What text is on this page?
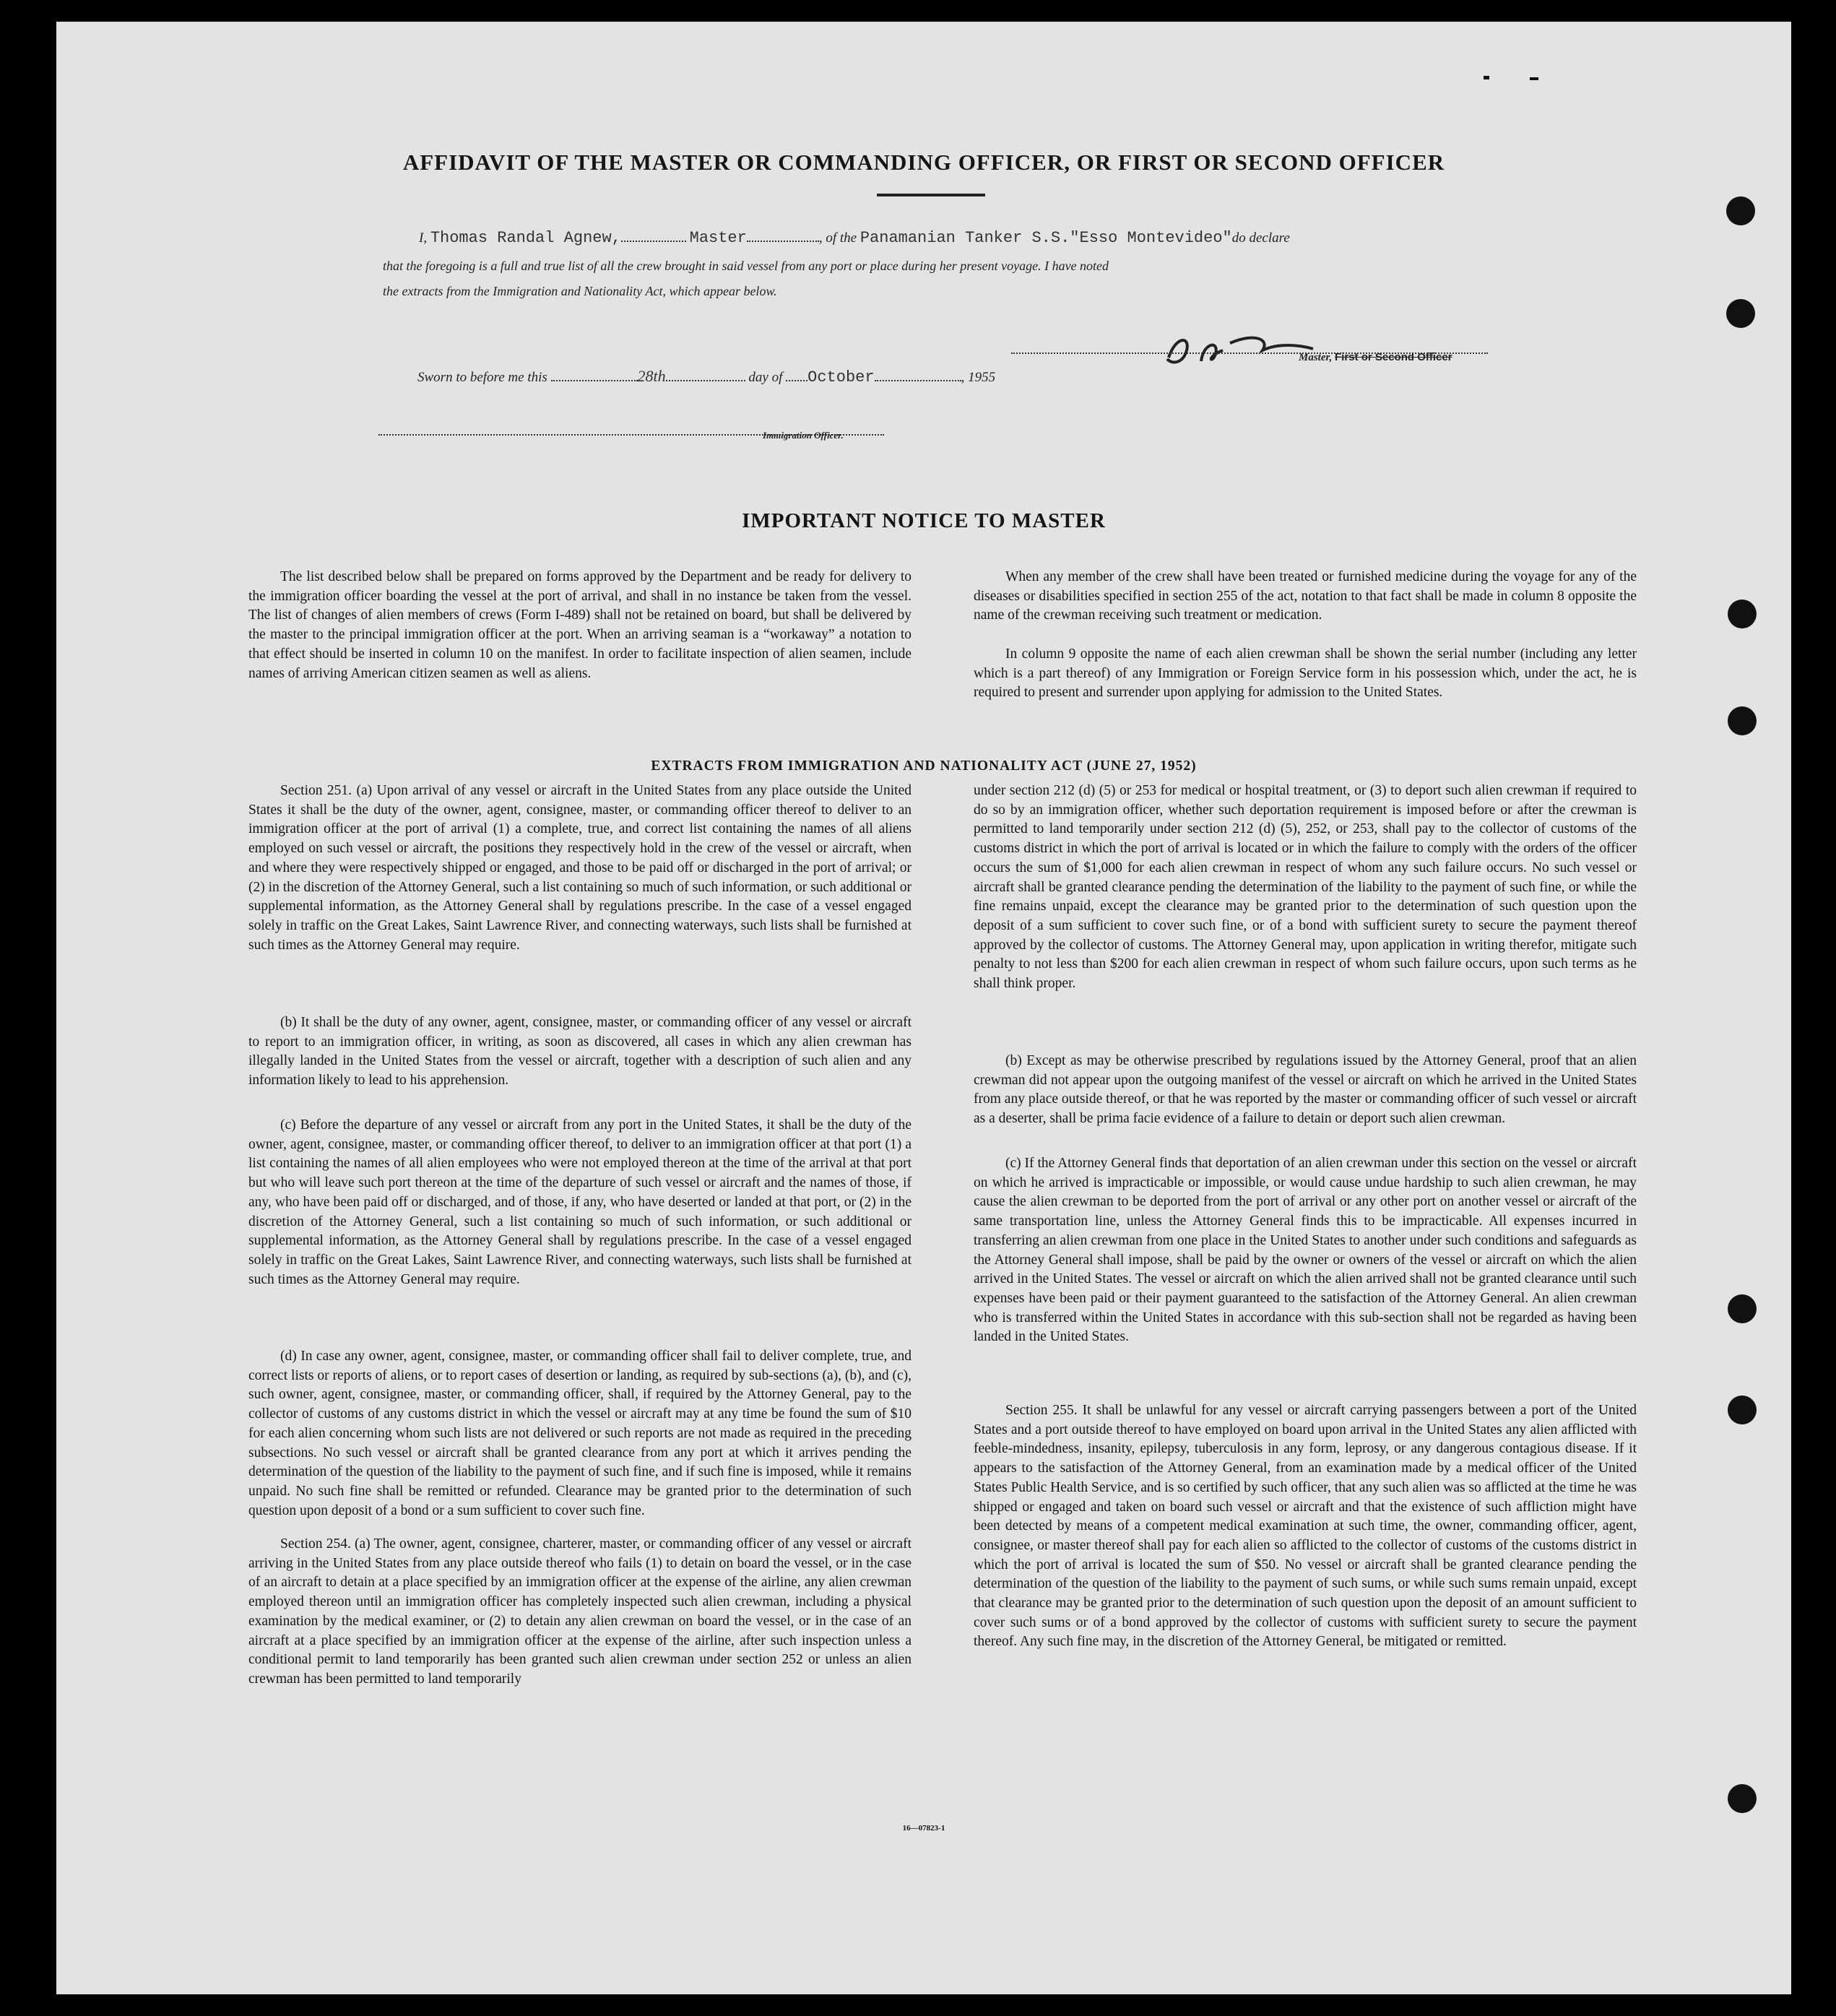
AFFIDAVIT OF THE MASTER OR COMMANDING OFFICER, OR FIRST OR SECOND OFFICER
I, Thomas Randal Agnew,	Master	, of the Panamanian Tanker S.S."Esso Montevideo"do declare
that the foregoing is a full and true list of all the crew brought in said vessel from any port or place during her present voyage. I have noted
the extracts from the Immigration and Nationality Act, which appear below.
Master, First or Second Officer
Sworn to before me this	28th	day of October	, 1955
Immigration Officer.
IMPORTANT NOTICE TO MASTER

The list described below shall be prepared on forms approved by the Department and be ready for delivery to the immigration officer boarding the vessel at the port of arrival, and shall in no instance be taken from the vessel. The list of changes of alien members of crews (Form I-489) shall not be retained on board, but shall be delivered by the master to the principal immigration officer at the port. When an arriving seaman is a “workaway” a notation to that effect should be inserted in column 10 on the manifest. In order to facilitate inspection of alien seamen, include names of arriving American citizen seamen as well as aliens.

When any member of the crew shall have been treated or furnished medicine during the voyage for any of the diseases or disabilities specified in section 255 of the act, notation to that fact shall be made in column 8 opposite the name of the crewman receiving such treatment or medication.

In column 9 opposite the name of each alien crewman shall be shown the serial number (including any letter which is a part thereof) of any Immigration or Foreign Service form in his possession which, under the act, he is required to present and surrender upon applying for admission to the United States.

EXTRACTS FROM IMMIGRATION AND NATIONALITY ACT (JUNE 27, 1952)

Section 251. (a) Upon arrival of any vessel or aircraft in the United States from any place outside the United States it shall be the duty of the owner, agent, consignee, master, or commanding officer thereof to deliver to an immigration officer at the port of arrival (1) a complete, true, and correct list containing the names of all aliens employed on such vessel or aircraft, the positions they respectively hold in the crew of the vessel or aircraft, when and where they were respectively shipped or engaged, and those to be paid off or discharged in the port of arrival; or (2) in the discretion of the Attorney General, such a list containing so much of such information, or such additional or supplemental information, as the Attorney General shall by regulations prescribe. In the case of a vessel engaged solely in traffic on the Great Lakes, Saint Lawrence River, and connecting waterways, such lists shall be furnished at such times as the Attorney General may require.

(b) It shall be the duty of any owner, agent, consignee, master, or commanding officer of any vessel or aircraft to report to an immigration officer, in writing, as soon as discovered, all cases in which any alien crewman has illegally landed in the United States from the vessel or aircraft, together with a description of such alien and any information likely to lead to his apprehension.

(c) Before the departure of any vessel or aircraft from any port in the United States, it shall be the duty of the owner, agent, consignee, master, or commanding officer thereof, to deliver to an immigration officer at that port (1) a list containing the names of all alien employees who were not employed thereon at the time of the arrival at that port but who will leave such port thereon at the time of the departure of such vessel or aircraft and the names of those, if any, who have been paid off or discharged, and of those, if any, who have deserted or landed at that port, or (2) in the discretion of the Attorney General, such a list containing so much of such information, or such additional or supplemental information, as the Attorney General shall by regulations prescribe. In the case of a vessel engaged solely in traffic on the Great Lakes, Saint Lawrence River, and connecting waterways, such lists shall be furnished at such times as the Attorney General may require.

(d) In case any owner, agent, consignee, master, or commanding officer shall fail to deliver complete, true, and correct lists or reports of aliens, or to report cases of desertion or landing, as required by sub-sections (a), (b), and (c), such owner, agent, consignee, master, or commanding officer, shall, if required by the Attorney General, pay to the collector of customs of any customs district in which the vessel or aircraft may at any time be found the sum of $10 for each alien concerning whom such lists are not delivered or such reports are not made as required in the preceding subsections. No such vessel or aircraft shall be granted clearance from any port at which it arrives pending the determination of the question of the liability to the payment of such fine, and if such fine is imposed, while it remains unpaid. No such fine shall be remitted or refunded. Clearance may be granted prior to the determination of such question upon deposit of a bond or a sum sufficient to cover such fine.

Section 254. (a) The owner, agent, consignee, charterer, master, or commanding officer of any vessel or aircraft arriving in the United States from any place outside thereof who fails (1) to detain on board the vessel, or in the case of an aircraft to detain at a place specified by an immigration officer at the expense of the airline, any alien crewman employed thereon until an immigration officer has completely inspected such alien crewman, including a physical examination by the medical examiner, or (2) to detain any alien crewman on board the vessel, or in the case of an aircraft at a place specified by an immigration officer at the expense of the airline, after such inspection unless a conditional permit to land temporarily has been granted such alien crewman under section 252 or unless an alien crewman has been permitted to land temporarily

under section 212 (d) (5) or 253 for medical or hospital treatment, or (3) to deport such alien crewman if required to do so by an immigration officer, whether such deportation requirement is imposed before or after the crewman is permitted to land temporarily under section 212 (d) (5), 252, or 253, shall pay to the collector of customs of the customs district in which the port of arrival is located or in which the failure to comply with the orders of the officer occurs the sum of $1,000 for each alien crewman in respect of whom any such failure occurs. No such vessel or aircraft shall be granted clearance pending the determination of the liability to the payment of such fine, or while the fine remains unpaid, except the clearance may be granted prior to the determination of such question upon the deposit of a sum sufficient to cover such fine, or of a bond with sufficient surety to secure the payment thereof approved by the collector of customs. The Attorney General may, upon application in writing therefor, mitigate such penalty to not less than $200 for each alien crewman in respect of whom such failure occurs, upon such terms as he shall think proper.

(b) Except as may be otherwise prescribed by regulations issued by the Attorney General, proof that an alien crewman did not appear upon the outgoing manifest of the vessel or aircraft on which he arrived in the United States from any place outside thereof, or that he was reported by the master or commanding officer of such vessel or aircraft as a deserter, shall be prima facie evidence of a failure to detain or deport such alien crewman.

(c) If the Attorney General finds that deportation of an alien crewman under this section on the vessel or aircraft on which he arrived is impracticable or impossible, or would cause undue hardship to such alien crewman, he may cause the alien crewman to be deported from the port of arrival or any other port on another vessel or aircraft of the same transportation line, unless the Attorney General finds this to be impracticable. All expenses incurred in transferring an alien crewman from one place in the United States to another under such conditions and safeguards as the Attorney General shall impose, shall be paid by the owner or owners of the vessel or aircraft on which the alien arrived in the United States. The vessel or aircraft on which the alien arrived shall not be granted clearance until such expenses have been paid or their payment guaranteed to the satisfaction of the Attorney General. An alien crewman who is transferred within the United States in accordance with this sub-section shall not be regarded as having been landed in the United States.

Section 255. It shall be unlawful for any vessel or aircraft carrying passengers between a port of the United States and a port outside thereof to have employed on board upon arrival in the United States any alien afflicted with feeble-mindedness, insanity, epilepsy, tuberculosis in any form, leprosy, or any dangerous contagious disease. If it appears to the satisfaction of the Attorney General, from an examination made by a medical officer of the United States Public Health Service, and is so certified by such officer, that any such alien was so afflicted at the time he was shipped or engaged and taken on board such vessel or aircraft and that the existence of such affliction might have been detected by means of a competent medical examination at such time, the owner, commanding officer, agent, consignee, or master thereof shall pay for each alien so afflicted to the collector of customs of the customs district in which the port of arrival is located the sum of $50. No vessel or aircraft shall be granted clearance pending the determination of the question of the liability to the payment of such sums, or while such sums remain unpaid, except that clearance may be granted prior to the determination of such question upon the deposit of an amount sufficient to cover such sums or of a bond approved by the collector of customs with sufficient surety to secure the payment thereof. Any such fine may, in the discretion of the Attorney General, be mitigated or remitted.

16—07823-1
